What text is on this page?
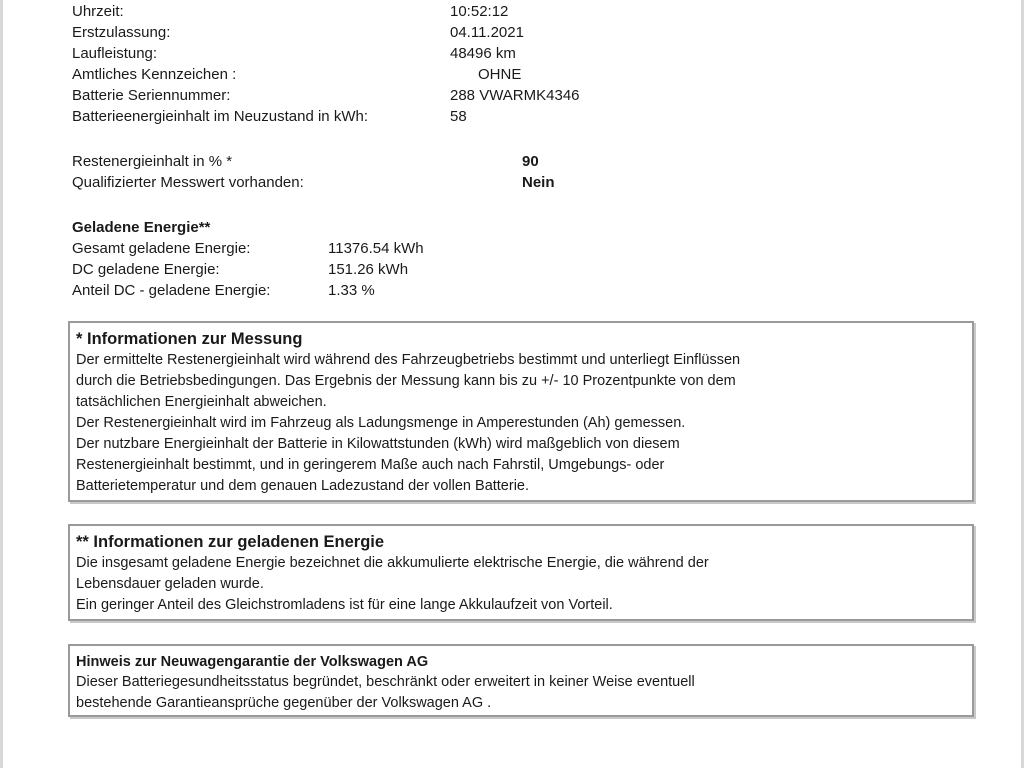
Uhrzeit:	10:52:12
Erstzulassung:	04.11.2021
Laufleistung:	48496 km
Amtliches Kennzeichen :	OHNE
Batterie Seriennummer:	288 VWARMK4346
Batterieenergieinhalt im Neuzustand in kWh:	58
Restenergieinhalt in % *	90
Qualifizierter Messwert vorhanden:	Nein
Geladene Energie**
Gesamt geladene Energie:	11376.54 kWh
DC geladene Energie:	151.26 kWh
Anteil DC - geladene Energie:	1.33 %
* Informationen zur Messung
Der ermittelte Restenergieinhalt wird während des Fahrzeugbetriebs bestimmt und unterliegt Einflüssen
durch die Betriebsbedingungen. Das Ergebnis der Messung kann bis zu +/- 10 Prozentpunkte von dem
tatsächlichen Energieinhalt abweichen.
Der Restenergieinhalt wird im Fahrzeug als Ladungsmenge in Amperestunden (Ah) gemessen.
Der nutzbare Energieinhalt der Batterie in Kilowattstunden (kWh) wird maßgeblich von diesem
Restenergieinhalt bestimmt, und in geringerem Maße auch nach Fahrstil, Umgebungs- oder
Batterietemperatur und dem genauen Ladezustand der vollen Batterie.
** Informationen zur geladenen Energie
Die insgesamt geladene Energie bezeichnet die akkumulierte elektrische Energie, die während der
Lebensdauer geladen wurde.
Ein geringer Anteil des Gleichstromladens ist für eine lange Akkulaufzeit von Vorteil.
Hinweis zur Neuwagengarantie der Volkswagen AG
Dieser Batteriegesundheitsstatus begründet, beschränkt oder erweitert in keiner Weise eventuell
bestehende Garantieansprüche gegenüber der Volkswagen AG .
